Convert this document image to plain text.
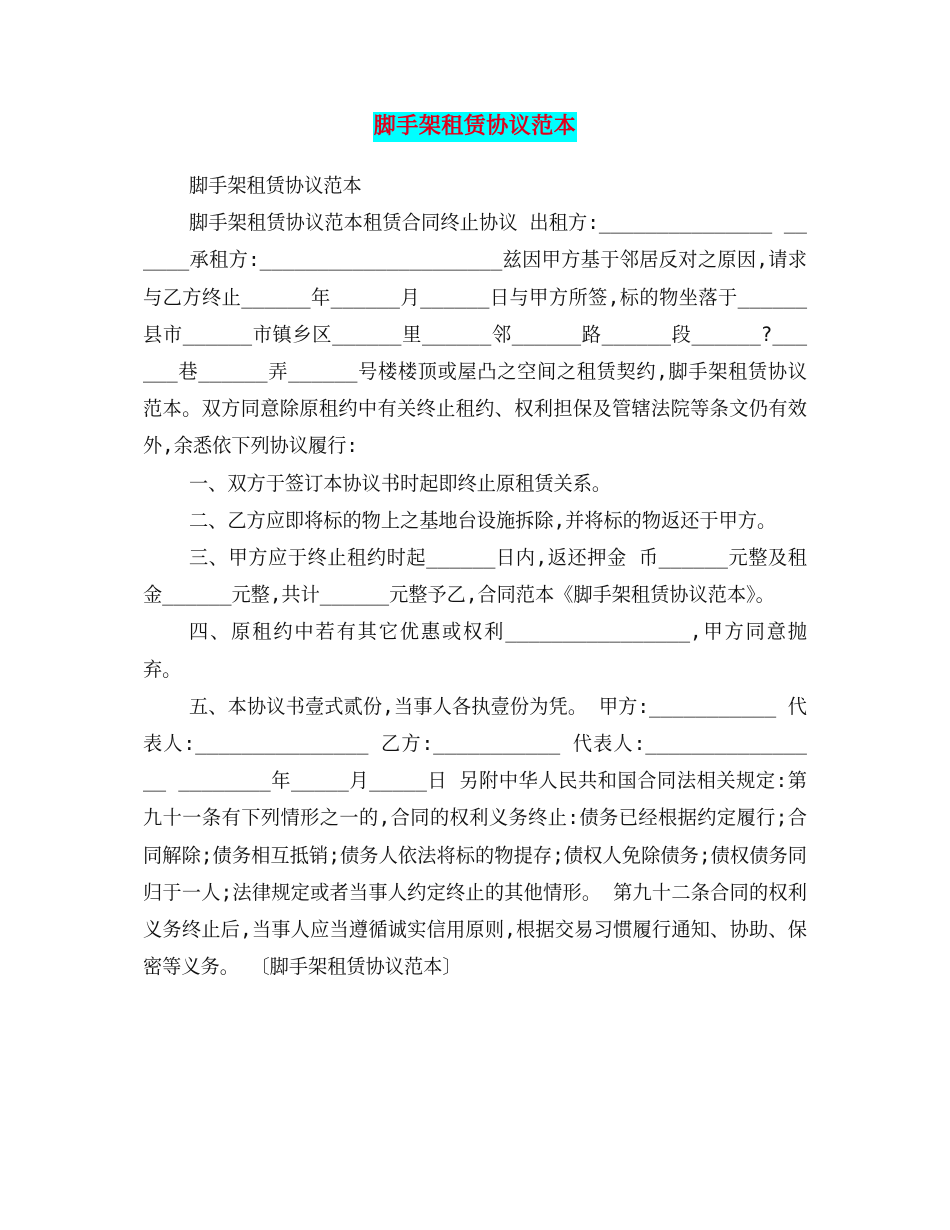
脚手架租赁协议范本

脚手架租赁协议范本

脚手架租赁协议范本租赁合同终止协议 出租方:_______________ ______承租方:_____________________兹因甲方基于邻居反对之原因,请求与乙方终止______年______月______日与甲方所签,标的物坐落于______县市______市镇乡区______里______邻______路______段______?______巷______弄______号楼楼顶或屋凸之空间之租赁契约,脚手架租赁协议范本。双方同意除原租约中有关终止租约、权利担保及管辖法院等条文仍有效外,余悉依下列协议履行:

一、双方于签订本协议书时起即终止原租赁关系。

二、乙方应即将标的物上之基地台设施拆除,并将标的物返还于甲方。

三、甲方应于终止租约时起______日内,返还押金 币______元整及租金______元整,共计______元整予乙,合同范本《脚手架租赁协议范本》。

四、原租约中若有其它优惠或权利________________,甲方同意抛弃。

五、本协议书壹式贰份,当事人各执壹份为凭。 甲方:___________ 代表人:_______________ 乙方:___________ 代表人:________________ ________年_____月_____日 另附中华人民共和国合同法相关规定:第九十一条有下列情形之一的,合同的权利义务终止:债务已经根据约定履行;合同解除;债务相互抵销;债务人依法将标的物提存;债权人免除债务;债权债务同归于一人;法律规定或者当事人约定终止的其他情形。 第九十二条合同的权利义务终止后,当事人应当遵循诚实信用原则,根据交易习惯履行通知、协助、保密等义务。 〔脚手架租赁协议范本〕
